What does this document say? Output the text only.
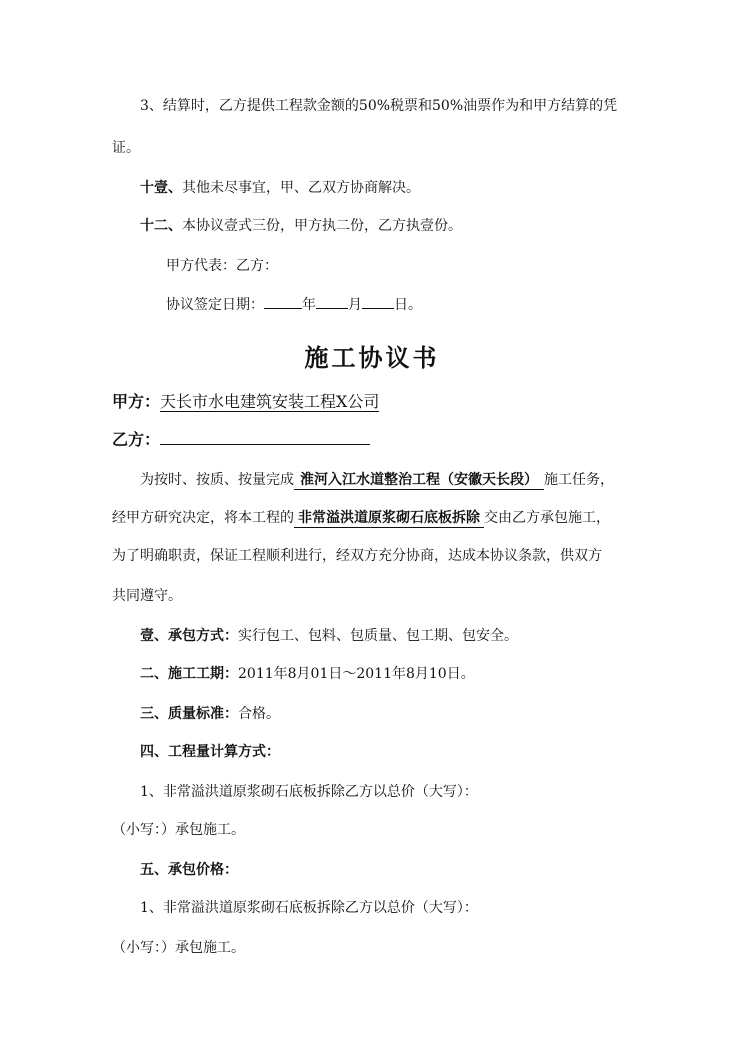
3、结算时，乙方提供工程款金额的50%税票和50%油票作为和甲方结算的凭
证。
十壹、其他未尽事宜，甲、乙双方协商解决。
十二、本协议壹式三份，甲方执二份，乙方执壹份。
甲方代表：乙方：
协议签定日期：	年 月 日。
施工协议书
甲方：天长市水电建筑安装工程X公司
乙方：
为按时、按质、按量完成 淮河入江水道整治工程（安徽天长段） 施工任务，
经甲方研究决定，将本工程的 非常溢洪道原浆砌石底板拆除 交由乙方承包施工，
为了明确职责，保证工程顺利进行，经双方充分协商，达成本协议条款，供双方
共同遵守。
壹、承包方式：实行包工、包料、包质量、包工期、包安全。
二、施工工期：2011年8月01日～2011年8月10日。
三、质量标准：合格。
四、工程量计算方式：
1、非常溢洪道原浆砌石底板拆除乙方以总价（大写）：
（小写：）承包施工。
五、承包价格：
1、非常溢洪道原浆砌石底板拆除乙方以总价（大写）：
（小写：）承包施工。
